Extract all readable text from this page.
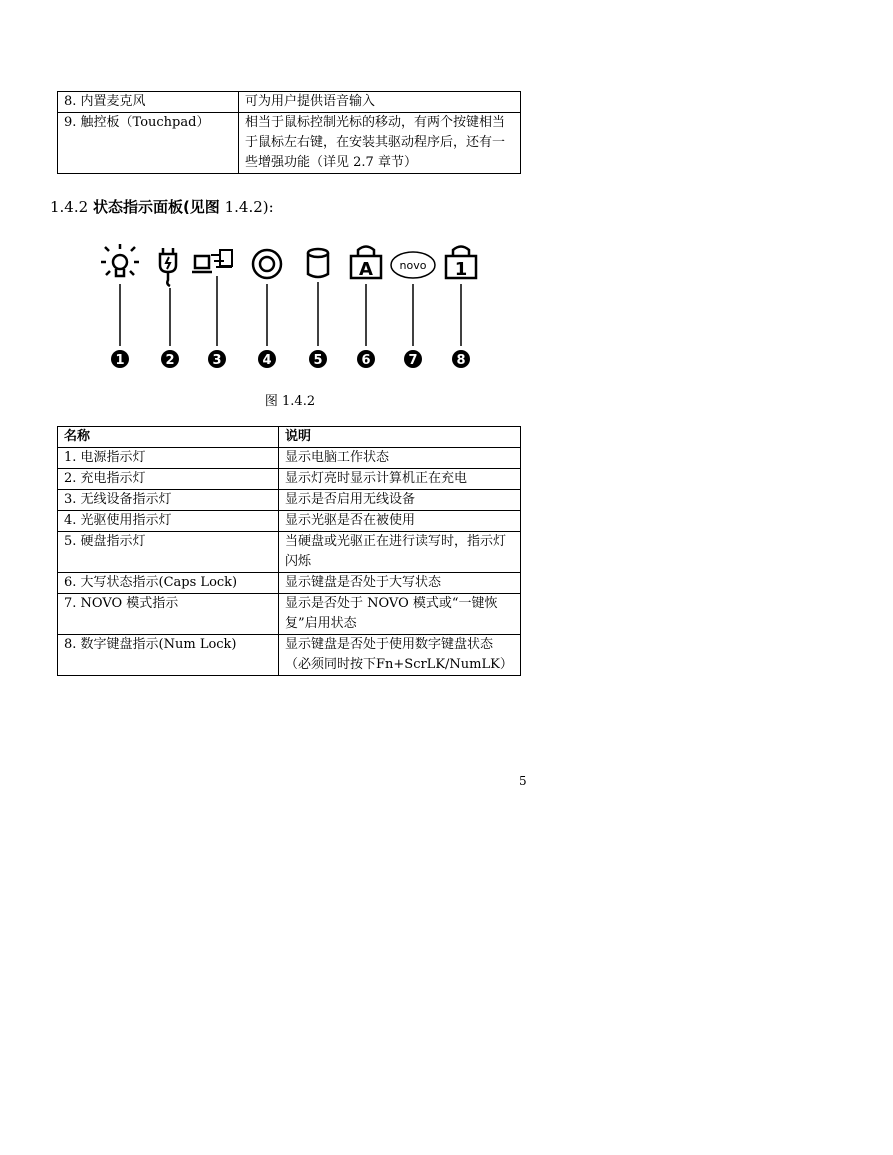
8. 内置麦克风	可为用户提供语音输入
9. 触控板（Touchpad）	相当于鼠标控制光标的移动，有两个按键相当于鼠标左右键，在安装其驱动程序后，还有一些增强功能（详见 2.7 章节）
1.4.2 状态指示面板(见图 1.4.2):
A novo 1
1	2	3	4	5	6	7	8
图 1.4.2
名称	说明
1. 电源指示灯	显示电脑工作状态
2. 充电指示灯	显示灯亮时显示计算机正在充电
3. 无线设备指示灯	显示是否启用无线设备
4. 光驱使用指示灯	显示光驱是否在被使用
5. 硬盘指示灯	当硬盘或光驱正在进行读写时，指示灯闪烁
6. 大写状态指示(Caps Lock)	显示键盘是否处于大写状态
7. NOVO 模式指示	显示是否处于 NOVO 模式或“一键恢复”启用状态
8. 数字键盘指示(Num Lock)	显示键盘是否处于使用数字键盘状态（必须同时按下Fn+ScrLK/NumLK）
5
